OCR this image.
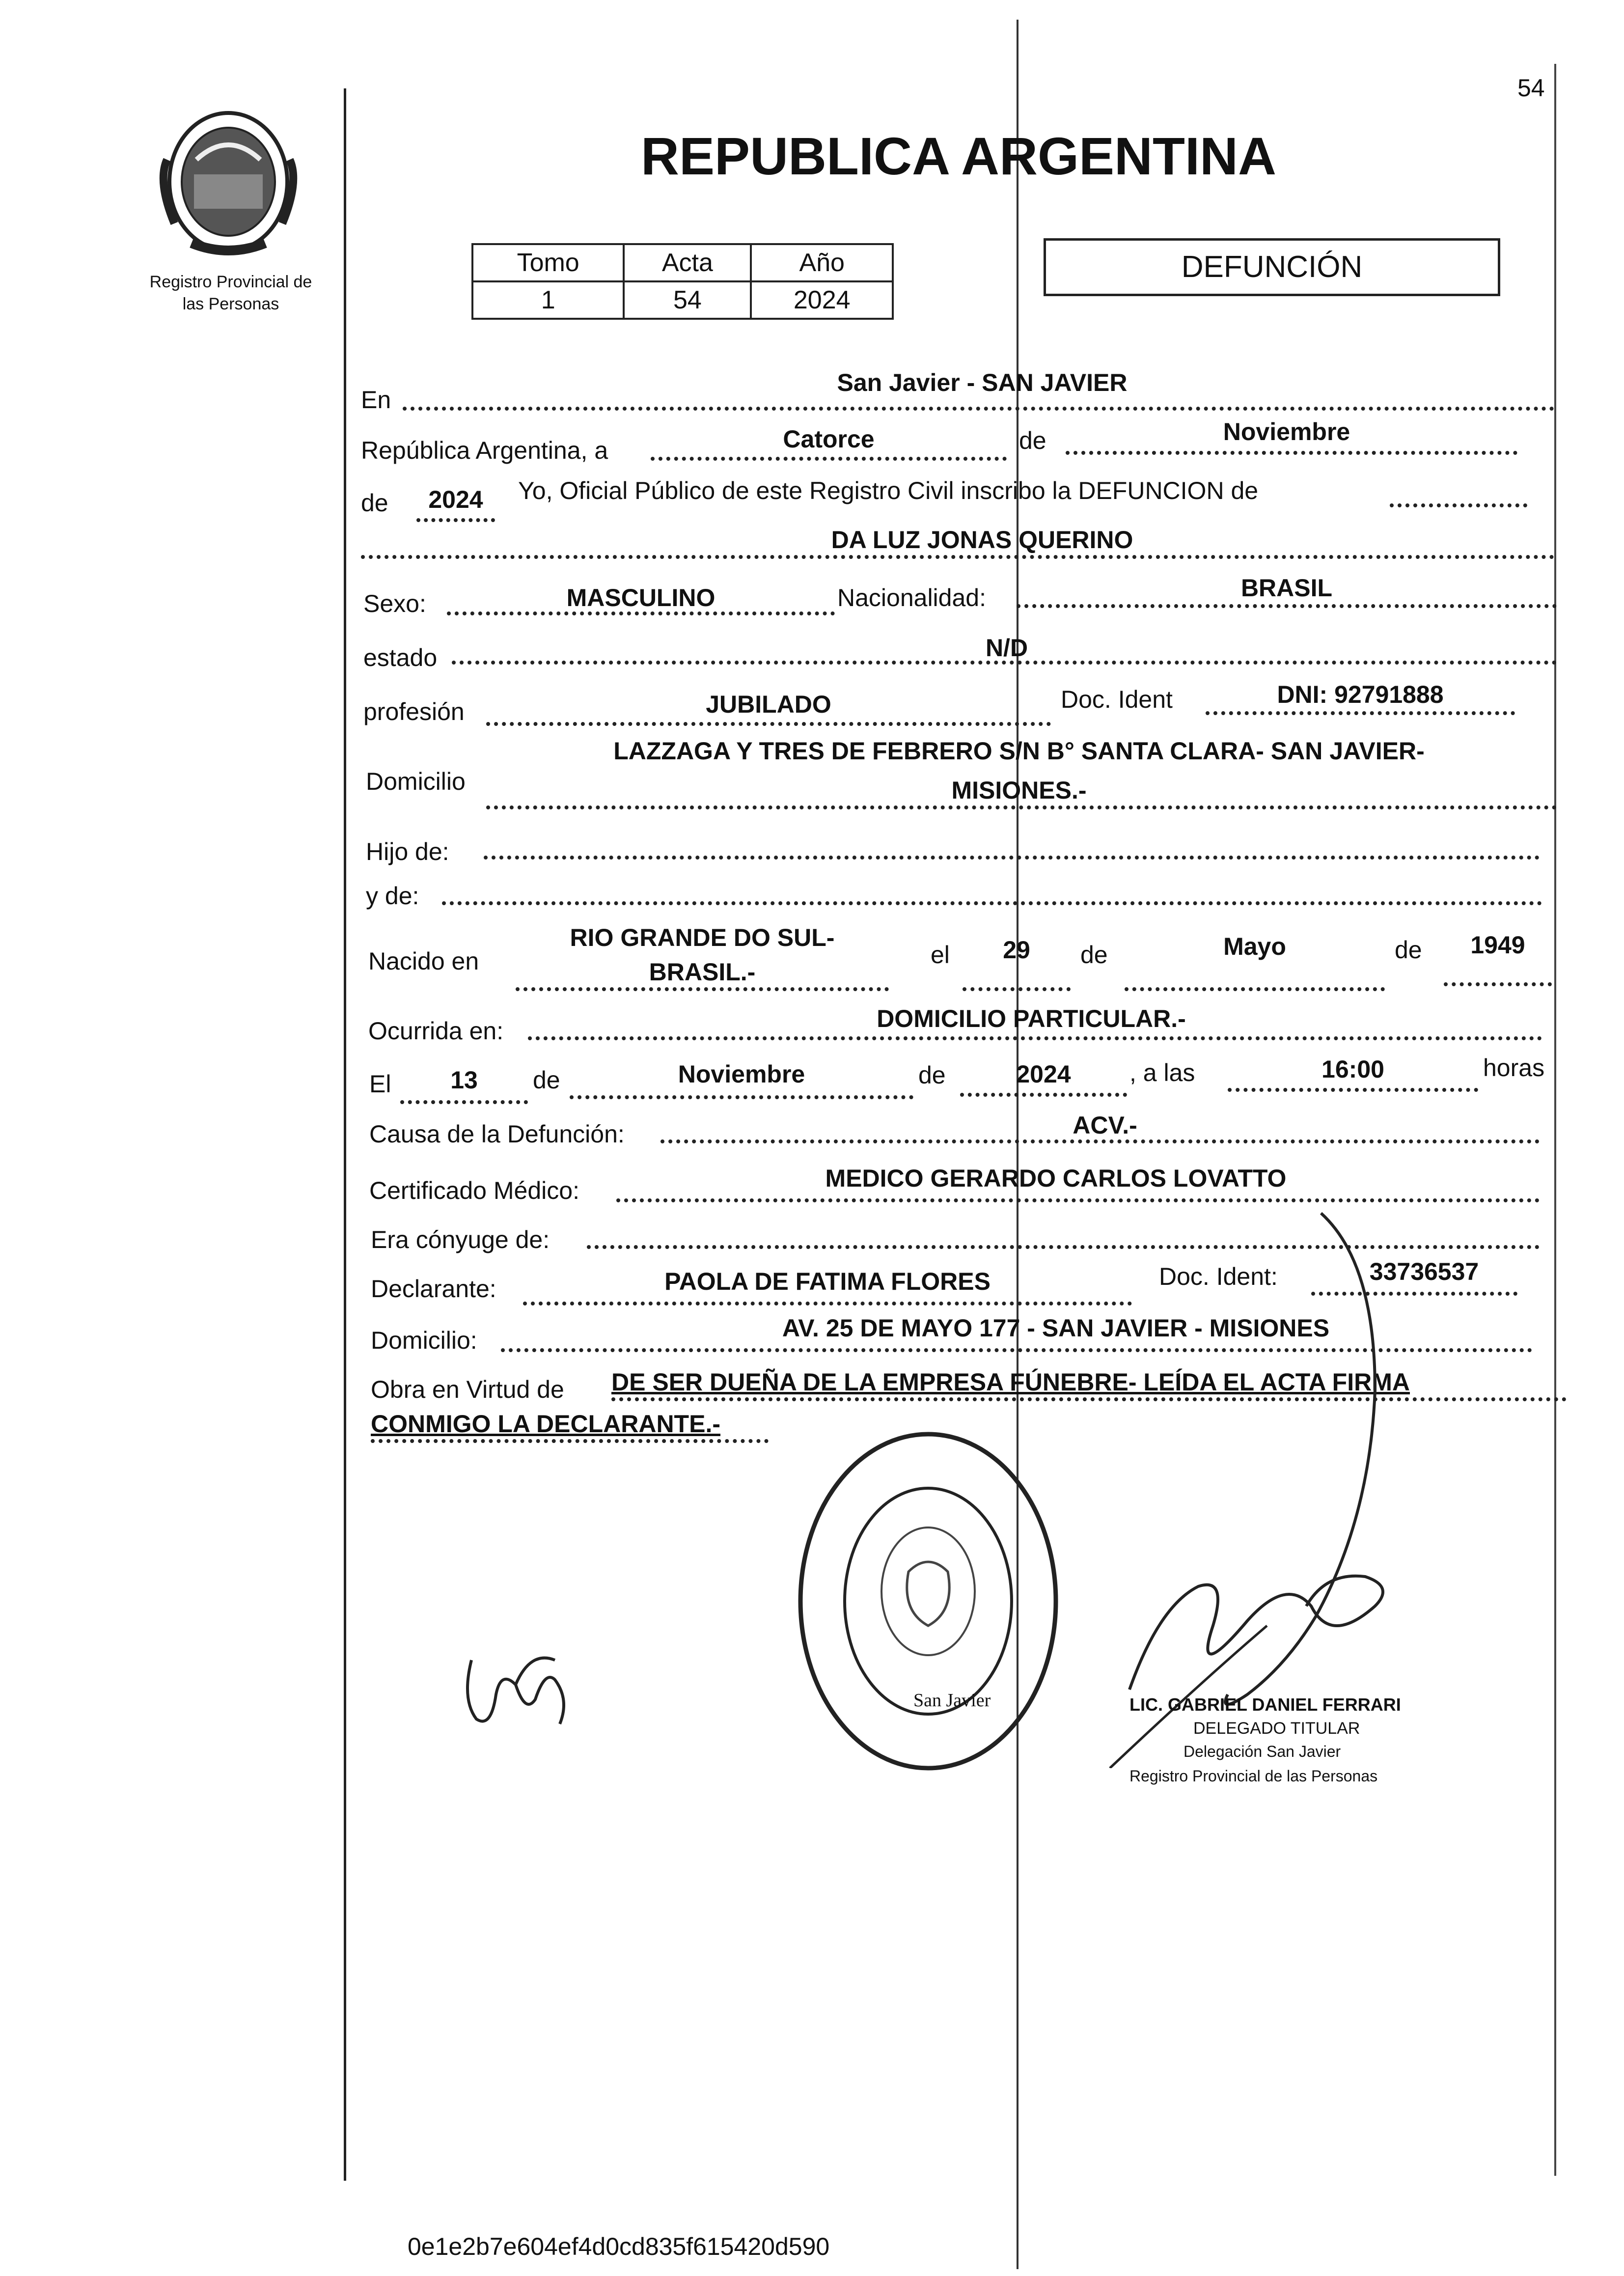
Registro Provincial de
las Personas
54
REPUBLICA ARGENTINA
Tomo	Acta	Año
1	54	2024
DEFUNCIÓN
En
San Javier - SAN JAVIER
República Argentina, a	Catorce	de	Noviembre
de	2024	Yo, Oficial Público de este Registro Civil inscribo la DEFUNCION de
DA LUZ JONAS QUERINO
Sexo:	MASCULINO	Nacionalidad:	BRASIL
estado	N/D
profesión	JUBILADO	Doc. Ident	DNI: 92791888
Domicilio
LAZZAGA Y TRES DE FEBRERO S/N B° SANTA CLARA- SAN JAVIER-
MISIONES.-
Hijo de:
y de:
Nacido en
RIO GRANDE DO SUL-
BRASIL.-
el	29	de	Mayo	de	1949
Ocurrida en:	DOMICILIO PARTICULAR.-
El	13	de	Noviembre	de	2024	, a las	16:00	horas
Causa de la Defunción:	ACV.-
Certificado Médico:	MEDICO GERARDO CARLOS LOVATTO
Era cónyuge de:
Declarante:	PAOLA DE FATIMA FLORES	Doc. Ident:	33736537
Domicilio:	AV. 25 DE MAYO 177 - SAN JAVIER - MISIONES
Obra en Virtud de DE SER DUEÑA DE LA EMPRESA FÚNEBRE- LEÍDA EL ACTA FIRMA
CONMIGO LA DECLARANTE.-
San Javier	LIC. GABRIEL DANIEL FERRARI
DELEGADO TITULAR
Delegación San Javier
Registro Provincial de las Personas
0e1e2b7e604ef4d0cd835f615420d590
